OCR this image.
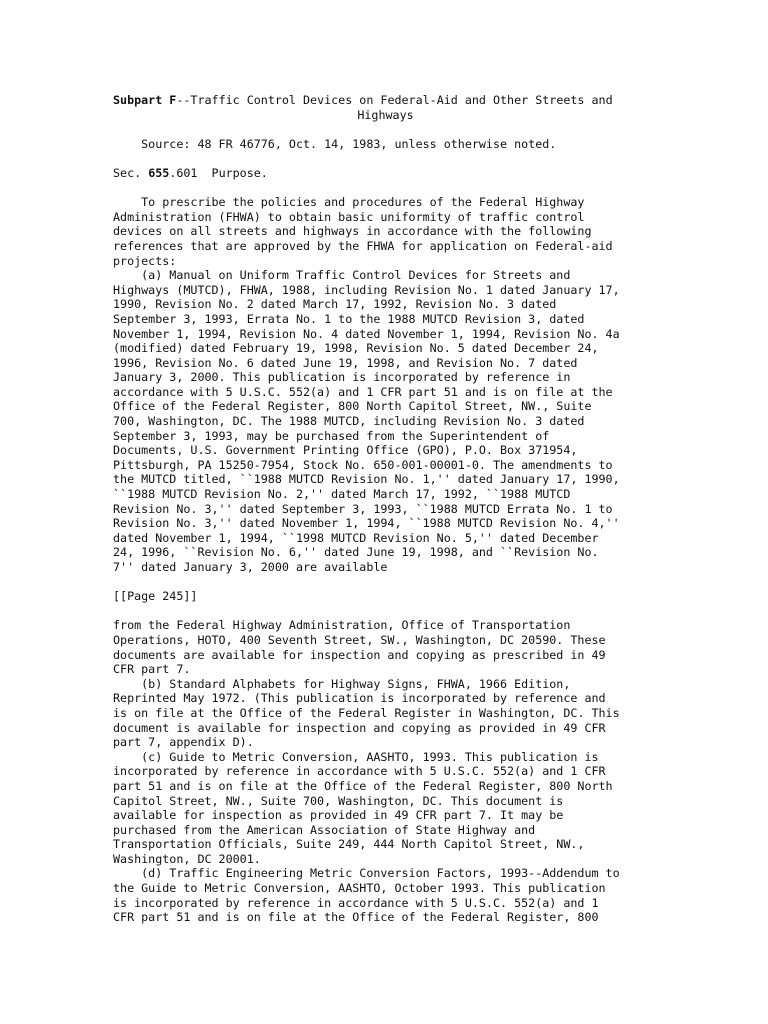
Subpart F--Traffic Control Devices on Federal-Aid and Other Streets and
Highways
Source: 48 FR 46776, Oct. 14, 1983, unless otherwise noted.
Sec. 655.601  Purpose.
To prescribe the policies and procedures of the Federal Highway
Administration (FHWA) to obtain basic uniformity of traffic control
devices on all streets and highways in accordance with the following
references that are approved by the FHWA for application on Federal-aid
projects:
(a) Manual on Uniform Traffic Control Devices for Streets and
Highways (MUTCD), FHWA, 1988, including Revision No. 1 dated January 17,
1990, Revision No. 2 dated March 17, 1992, Revision No. 3 dated
September 3, 1993, Errata No. 1 to the 1988 MUTCD Revision 3, dated
November 1, 1994, Revision No. 4 dated November 1, 1994, Revision No. 4a
(modified) dated February 19, 1998, Revision No. 5 dated December 24,
1996, Revision No. 6 dated June 19, 1998, and Revision No. 7 dated
January 3, 2000. This publication is incorporated by reference in
accordance with 5 U.S.C. 552(a) and 1 CFR part 51 and is on file at the
Office of the Federal Register, 800 North Capitol Street, NW., Suite
700, Washington, DC. The 1988 MUTCD, including Revision No. 3 dated
September 3, 1993, may be purchased from the Superintendent of
Documents, U.S. Government Printing Office (GPO), P.O. Box 371954,
Pittsburgh, PA 15250-7954, Stock No. 650-001-00001-0. The amendments to
the MUTCD titled, ``1988 MUTCD Revision No. 1,'' dated January 17, 1990,
``1988 MUTCD Revision No. 2,'' dated March 17, 1992, ``1988 MUTCD
Revision No. 3,'' dated September 3, 1993, ``1988 MUTCD Errata No. 1 to
Revision No. 3,'' dated November 1, 1994, ``1988 MUTCD Revision No. 4,''
dated November 1, 1994, ``1998 MUTCD Revision No. 5,'' dated December
24, 1996, ``Revision No. 6,'' dated June 19, 1998, and ``Revision No.
7'' dated January 3, 2000 are available
[[Page 245]]
from the Federal Highway Administration, Office of Transportation
Operations, HOTO, 400 Seventh Street, SW., Washington, DC 20590. These
documents are available for inspection and copying as prescribed in 49
CFR part 7.
(b) Standard Alphabets for Highway Signs, FHWA, 1966 Edition,
Reprinted May 1972. (This publication is incorporated by reference and
is on file at the Office of the Federal Register in Washington, DC. This
document is available for inspection and copying as provided in 49 CFR
part 7, appendix D).
(c) Guide to Metric Conversion, AASHTO, 1993. This publication is
incorporated by reference in accordance with 5 U.S.C. 552(a) and 1 CFR
part 51 and is on file at the Office of the Federal Register, 800 North
Capitol Street, NW., Suite 700, Washington, DC. This document is
available for inspection as provided in 49 CFR part 7. It may be
purchased from the American Association of State Highway and
Transportation Officials, Suite 249, 444 North Capitol Street, NW.,
Washington, DC 20001.
(d) Traffic Engineering Metric Conversion Factors, 1993--Addendum to
the Guide to Metric Conversion, AASHTO, October 1993. This publication
is incorporated by reference in accordance with 5 U.S.C. 552(a) and 1
CFR part 51 and is on file at the Office of the Federal Register, 800
